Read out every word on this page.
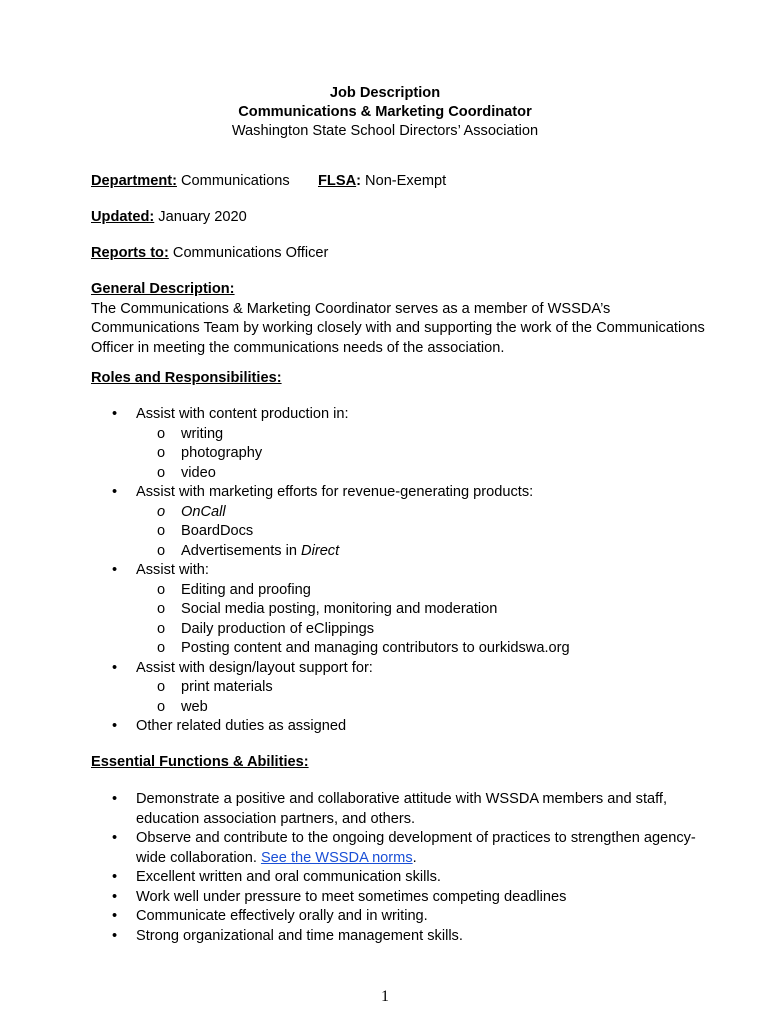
Job Description
Communications & Marketing Coordinator
Washington State School Directors’ Association
Department: Communications FLSA: Non-Exempt
Updated: January 2020
Reports to: Communications Officer
General Description:
The Communications & Marketing Coordinator serves as a member of WSSDA’s Communications Team by working closely with and supporting the work of the Communications Officer in meeting the communications needs of the association.
Roles and Responsibilities:
• Assist with content production in:
o writing
o photography
o video
• Assist with marketing efforts for revenue-generating products:
o OnCall
o BoardDocs
o Advertisements in Direct
• Assist with:
o Editing and proofing
o Social media posting, monitoring and moderation
o Daily production of eClippings
o Posting content and managing contributors to ourkidswa.org
• Assist with design/layout support for:
o print materials
o web
• Other related duties as assigned
Essential Functions & Abilities:
• Demonstrate a positive and collaborative attitude with WSSDA members and staff, education association partners, and others.
• Observe and contribute to the ongoing development of practices to strengthen agency-wide collaboration. See the WSSDA norms.
• Excellent written and oral communication skills.
• Work well under pressure to meet sometimes competing deadlines
• Communicate effectively orally and in writing.
• Strong organizational and time management skills.
1
